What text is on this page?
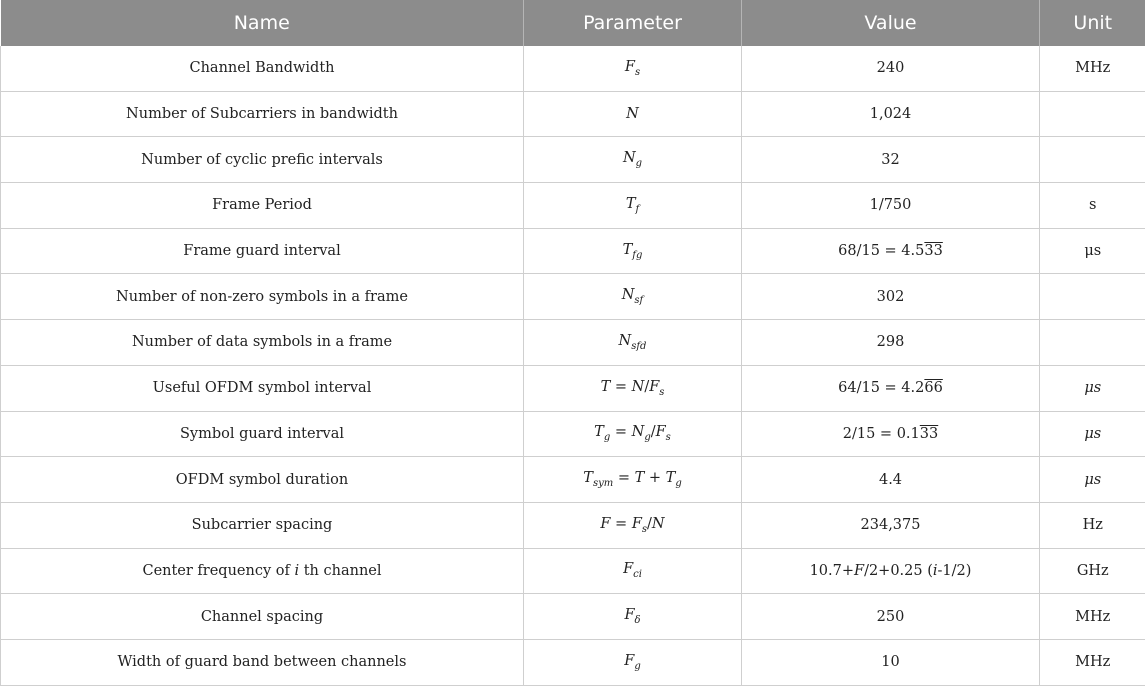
Name	Parameter	Value	Unit
Channel Bandwidth	$F_s$	240	MHz
Number of Subcarriers in bandwidth	N	1,024	
Number of cyclic prefic intervals	$N_g$	32	
Frame Period	$T_f$	1/750	s
Frame guard interval	$T_{fg}$	68/15 = 4.533	μs
Number of non-zero symbols in a frame	$N_{sf}$	302	
Number of data symbols in a frame	$N_{sfd}$	298	
Useful OFDM symbol interval	$T = N/F_s$	64/15 = 4.266	μs
Symbol guard interval	$T_g = N_g/F_s$	2/15 = 0.133	μs
OFDM symbol duration	$T_{sym} = T + T_g$	4.4	μs
Subcarrier spacing	$F = F_s/N$	234,375	Hz
Center frequency of i th channel	$F_{ci}$	10.7+F/2+0.25 (i-1/2)	GHz
Channel spacing	$F_\delta$	250	MHz
Width of guard band between channels	$F_g$	10	MHz
